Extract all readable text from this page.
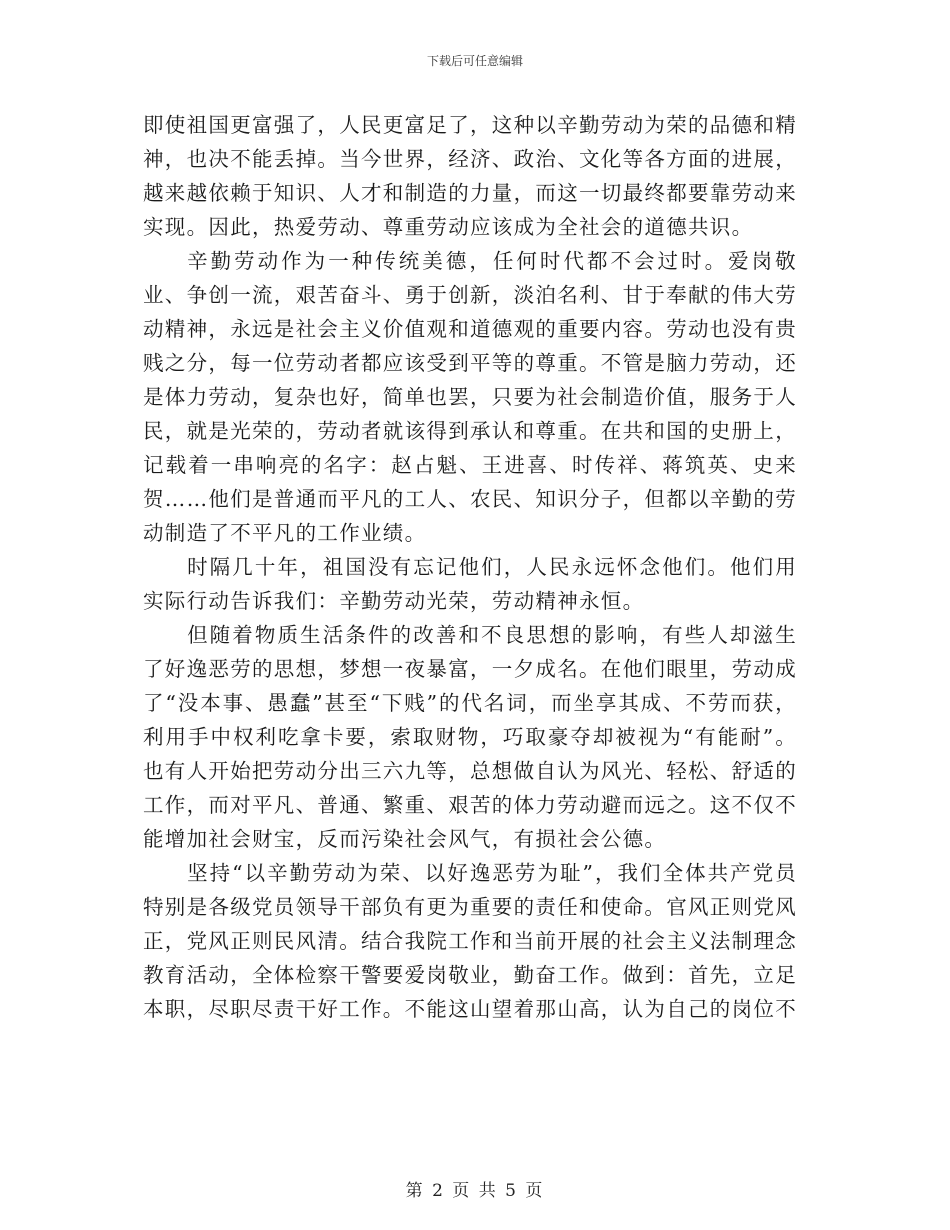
下载后可任意编辑

即使祖国更富强了，人民更富足了，这种以辛勤劳动为荣的品德和精神，也决不能丢掉。当今世界，经济、政治、文化等各方面的进展，越来越依赖于知识、人才和制造的力量，而这一切最终都要靠劳动来实现。因此，热爱劳动、尊重劳动应该成为全社会的道德共识。

辛勤劳动作为一种传统美德，任何时代都不会过时。爱岗敬业、争创一流，艰苦奋斗、勇于创新，淡泊名利、甘于奉献的伟大劳动精神，永远是社会主义价值观和道德观的重要内容。劳动也没有贵贱之分，每一位劳动者都应该受到平等的尊重。不管是脑力劳动，还是体力劳动，复杂也好，简单也罢，只要为社会制造价值，服务于人民，就是光荣的，劳动者就该得到承认和尊重。在共和国的史册上，记载着一串响亮的名字：赵占魁、王进喜、时传祥、蒋筑英、史来贺……他们是普通而平凡的工人、农民、知识分子，但都以辛勤的劳动制造了不平凡的工作业绩。

时隔几十年，祖国没有忘记他们，人民永远怀念他们。他们用实际行动告诉我们：辛勤劳动光荣，劳动精神永恒。

但随着物质生活条件的改善和不良思想的影响，有些人却滋生了好逸恶劳的思想，梦想一夜暴富，一夕成名。在他们眼里，劳动成了“没本事、愚蠢”甚至“下贱”的代名词，而坐享其成、不劳而获，利用手中权利吃拿卡要，索取财物，巧取豪夺却被视为“有能耐”。也有人开始把劳动分出三六九等，总想做自认为风光、轻松、舒适的工作，而对平凡、普通、繁重、艰苦的体力劳动避而远之。这不仅不能增加社会财宝，反而污染社会风气，有损社会公德。

坚持“以辛勤劳动为荣、以好逸恶劳为耻”，我们全体共产党员特别是各级党员领导干部负有更为重要的责任和使命。官风正则党风正，党风正则民风清。结合我院工作和当前开展的社会主义法制理念教育活动，全体检察干警要爱岗敬业，勤奋工作。做到：首先，立足本职，尽职尽责干好工作。不能这山望着那山高，认为自己的岗位不

第 2 页 共 5 页
